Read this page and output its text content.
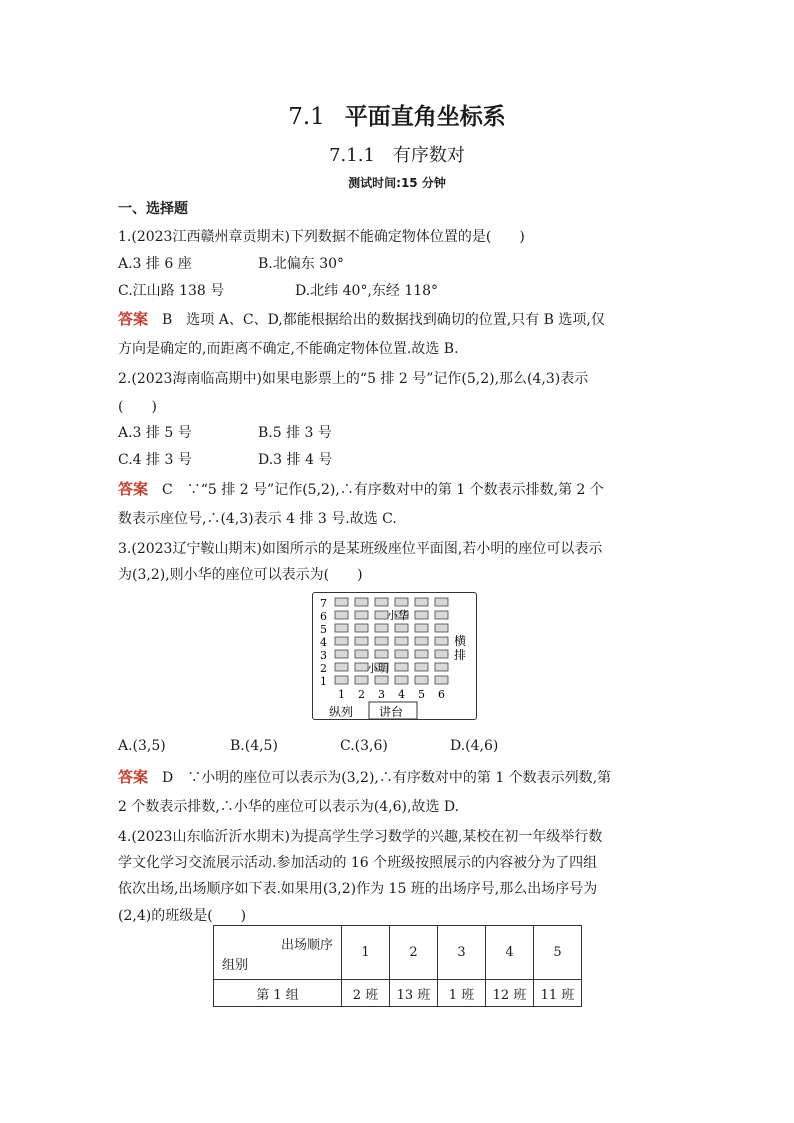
7.1 平面直角坐标系
7.1.1 有序数对
测试时间:15 分钟
一、选择题
1.(2023江西赣州章贡期末)下列数据不能确定物体位置的是(　　)
A.3 排 6 座	B.北偏东 30°
C.江山路 138 号	D.北纬 40°,东经 118°
答案 B　选项 A、C、D,都能根据给出的数据找到确切的位置,只有 B 选项,仅
方向是确定的,而距离不确定,不能确定物体位置.故选 B.
2.(2023海南临高期中)如果电影票上的“5 排 2 号”记作(5,2),那么(4,3)表示
(　　)
A.3 排 5 号	B.5 排 3 号
C.4 排 3 号	D.3 排 4 号
答案 C　∵“5 排 2 号”记作(5,2),∴有序数对中的第 1 个数表示排数,第 2 个
数表示座位号,∴(4,3)表示 4 排 3 号.故选 C.
3.(2023辽宁鞍山期末)如图所示的是某班级座位平面图,若小明的座位可以表示
为(3,2),则小华的座位可以表示为(　　)
7
6
5
4
3
2
1
1 2 3 4 5 6
小华
小明
横
排
纵列 讲台
A.(3,5)	B.(4,5)	C.(3,6)	D.(4,6)
答案 D　∵小明的座位可以表示为(3,2),∴有序数对中的第 1 个数表示列数,第
2 个数表示排数,∴小华的座位可以表示为(4,6),故选 D.
4.(2023山东临沂沂水期末)为提高学生学习数学的兴趣,某校在初一年级举行数
学文化学习交流展示活动.参加活动的 16 个班级按照展示的内容被分为了四组
依次出场,出场顺序如下表.如果用(3,2)作为 15 班的出场序号,那么出场序号为
(2,4)的班级是(　　)
出场顺序
组别	1	2	3	4	5
第 1 组	2 班	13 班	1 班	12 班	11 班
